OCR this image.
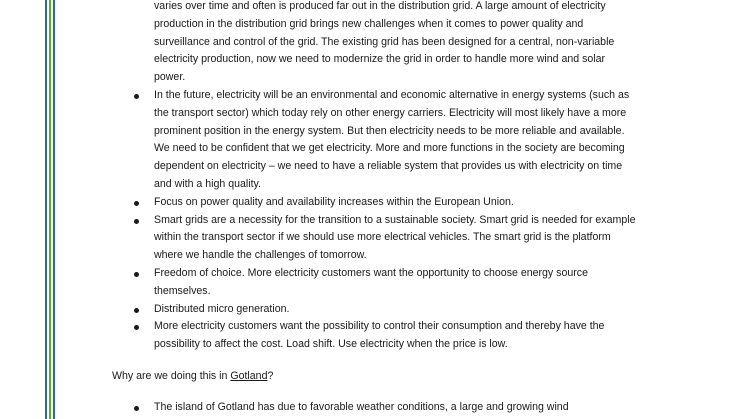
varies over time and often is produced far out in the distribution grid. A large amount of electricity production in the distribution grid brings new challenges when it comes to power quality and surveillance and control of the grid. The existing grid has been designed for a central, non-variable electricity production, now we need to modernize the grid in order to handle more wind and solar power.

In the future, electricity will be an environmental and economic alternative in energy systems (such as the transport sector) which today rely on other energy carriers. Electricity will most likely have a more prominent position in the energy system. But then electricity needs to be more reliable and available. We need to be confident that we get electricity. More and more functions in the society are becoming dependent on electricity – we need to have a reliable system that provides us with electricity on time and with a high quality.
Focus on power quality and availability increases within the European Union.
Smart grids are a necessity for the transition to a sustainable society. Smart grid is needed for example within the transport sector if we should use more electrical vehicles. The smart grid is the platform where we handle the challenges of tomorrow.
Freedom of choice. More electricity customers want the opportunity to choose energy source themselves.
Distributed micro generation.
More electricity customers want the possibility to control their consumption and thereby have the possibility to affect the cost. Load shift. Use electricity when the price is low.

Why are we doing this in Gotland?

The island of Gotland has due to favorable weather conditions, a large and growing wind
